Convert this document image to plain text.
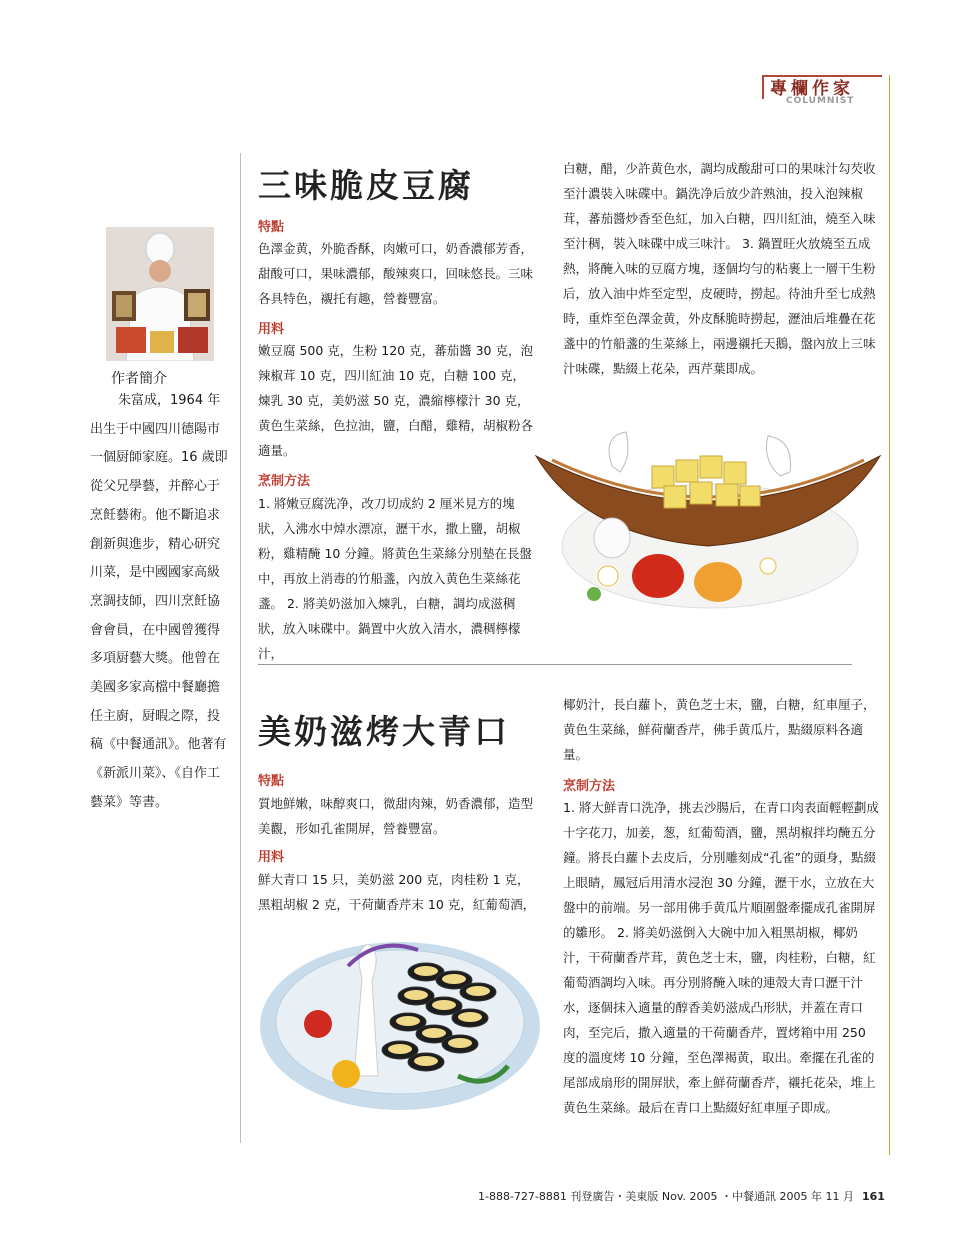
專欄作家
COLUMNIST
作者簡介
朱富成，1964 年出生于中國四川德陽市一個厨師家庭。16 歲即從父兄學藝，并醉心于烹飪藝術。他不斷追求創新與進步，精心研究川菜，是中國國家高級烹調技師，四川烹飪協會會員，在中國曾獲得多項厨藝大獎。他曾在美國多家高檔中餐廳擔任主廚，厨暇之際，投稿《中餐通訊》。他著有《新派川菜》、《自作工藝菜》等書。
三味脆皮豆腐
特點
色澤金黄，外脆香酥，肉嫩可口，奶香濃郁芳香，甜酸可口，果味濃郁，酸辣爽口，回味悠長。三味各具特色，襯托有趣，營養豐富。
用料
嫩豆腐 500 克，生粉 120 克，蕃茄醬 30 克，泡辣椒茸 10 克，四川紅油 10 克，白糖 100 克，煉乳 30 克，美奶滋 50 克，濃縮檸檬汁 30 克，黄色生菜絲，色拉油，鹽，白醋，雞精，胡椒粉各適量。
烹制方法
1. 將嫩豆腐洗净，改刀切成約 2 厘米見方的塊狀，入沸水中焯水漂凉，瀝干水，撒上鹽，胡椒粉，雞精醃 10 分鐘。將黄色生菜絲分別墊在長盤中，再放上消毒的竹船盞，內放入黄色生菜絲花盞。 2. 將美奶滋加入煉乳，白糖，調均成滋稠狀，放入味碟中。鍋置中火放入清水，濃稠檸檬汁，
白糖，醋，少許黄色水，調均成酸甜可口的果味汁勾芡收至汁濃裝入味碟中。鍋洗净后放少許熟油，投入泡辣椒茸，蕃茄醬炒香至色紅，加入白糖，四川紅油，燒至入味至汁稠，裝入味碟中成三味汁。 3. 鍋置旺火放燒至五成熱，將醃入味的豆腐方塊，逐個均勻的粘裹上一層干生粉后，放入油中炸至定型，皮硬時，撈起。待油升至七成熱時，重炸至色澤金黄，外皮酥脆時撈起，瀝油后堆疊在花盞中的竹船盞的生菜絲上，兩邊襯托天鵝，盤內放上三味汁味碟，點綴上花朵，西芹葉即成。
美奶滋烤大青口
特點
質地鮮嫩，味醇爽口，微甜肉辣，奶香濃郁，造型美觀，形如孔雀開屏，營養豐富。
用料
鮮大青口 15 只，美奶滋 200 克，肉桂粉 1 克，黑粗胡椒 2 克，干荷蘭香芹末 10 克，紅葡萄酒，
椰奶汁，長白蘿卜，黄色芝士末，鹽，白糖，紅車厘子，黄色生菜絲，鮮荷蘭香芹，佛手黄瓜片，點綴原料各適量。
烹制方法
1. 將大鮮青口洗净，挑去沙腸后，在青口肉表面輕輕劃成十字花刀，加姜，葱，紅葡萄酒，鹽，黑胡椒拌均醃五分鐘。將長白蘿卜去皮后，分別雕刻成“孔雀”的頭身，點綴上眼睛，鳳冠后用清水浸泡 30 分鐘，瀝干水，立放在大盤中的前端。另一部用佛手黄瓜片順圍盤牽擺成孔雀開屏的雛形。 2. 將美奶滋倒入大碗中加入粗黑胡椒，椰奶汁，干荷蘭香芹茸，黄色芝士末，鹽，肉桂粉，白糖，紅葡萄酒調均入味。再分別將醃入味的連殼大青口瀝干汁水，逐個抹入適量的醇香美奶滋成凸形狀，并蓋在青口肉，至完后，撒入適量的干荷蘭香芹，置烤箱中用 250 度的溫度烤 10 分鐘，至色澤褐黄，取出。牽擺在孔雀的尾部成扇形的開屏狀，牽上鮮荷蘭香芹，襯托花朵，堆上黄色生菜絲。最后在青口上點綴好紅車厘子即成。
1-888-727-8881 刊登廣告・美東版 Nov. 2005 ・中餐通訊 2005 年 11 月 161
